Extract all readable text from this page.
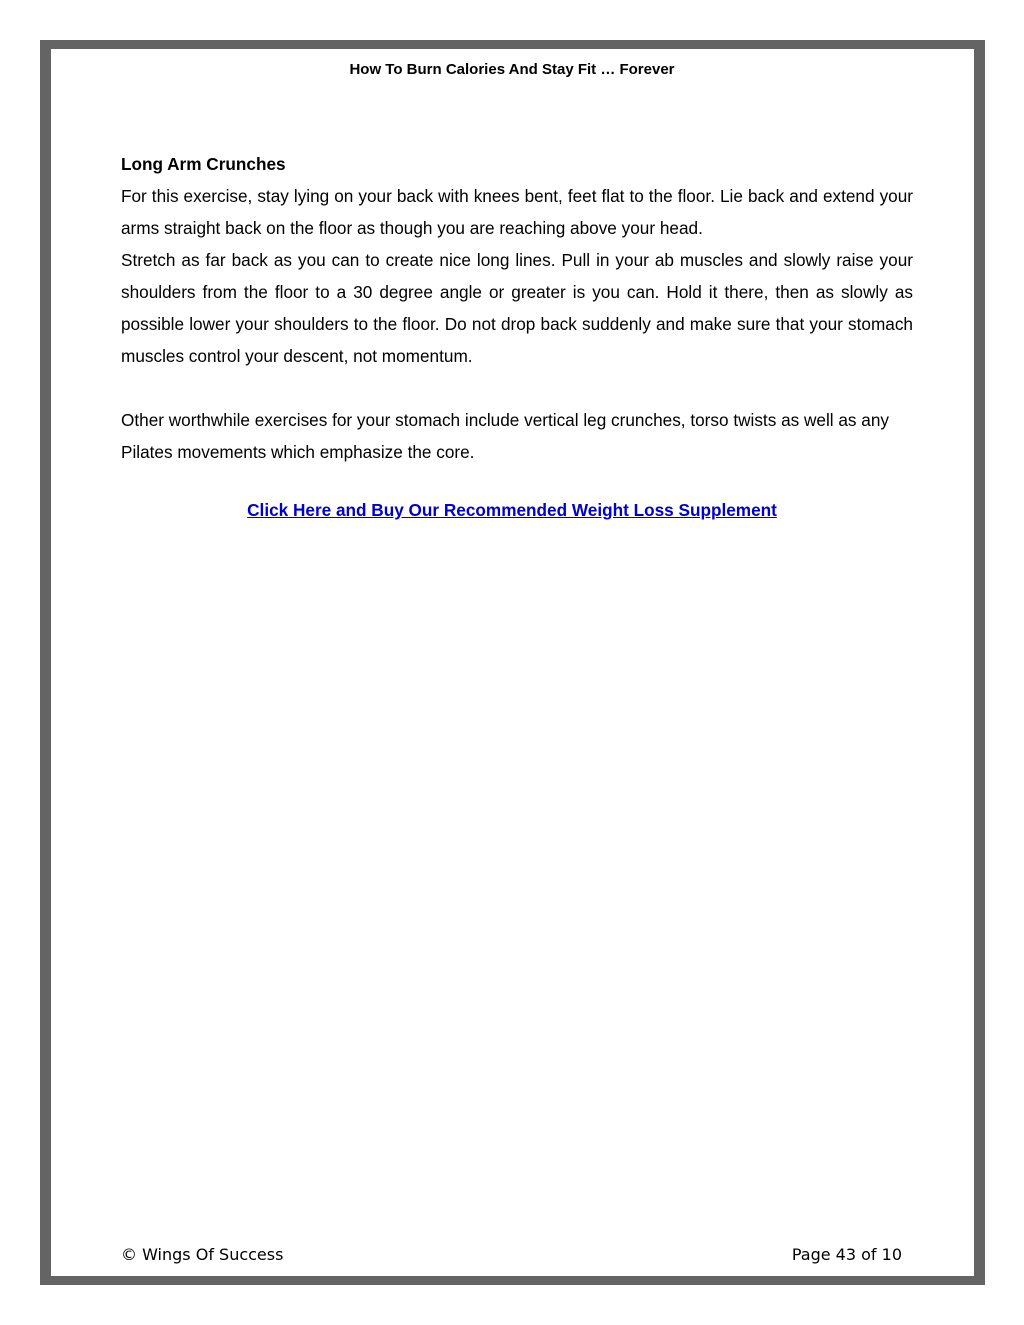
How To Burn Calories And Stay Fit … Forever

Long Arm Crunches

For this exercise, stay lying on your back with knees bent, feet flat to the floor. Lie back and extend your arms straight back on the floor as though you are reaching above your head.

Stretch as far back as you can to create nice long lines. Pull in your ab muscles and slowly raise your shoulders from the floor to a 30 degree angle or greater is you can. Hold it there, then as slowly as possible lower your shoulders to the floor. Do not drop back suddenly and make sure that your stomach muscles control your descent, not momentum.

Other worthwhile exercises for your stomach include vertical leg crunches, torso twists as well as any Pilates movements which emphasize the core.

Click Here and Buy Our Recommended Weight Loss Supplement
© Wings Of Success	Page 43 of 10
